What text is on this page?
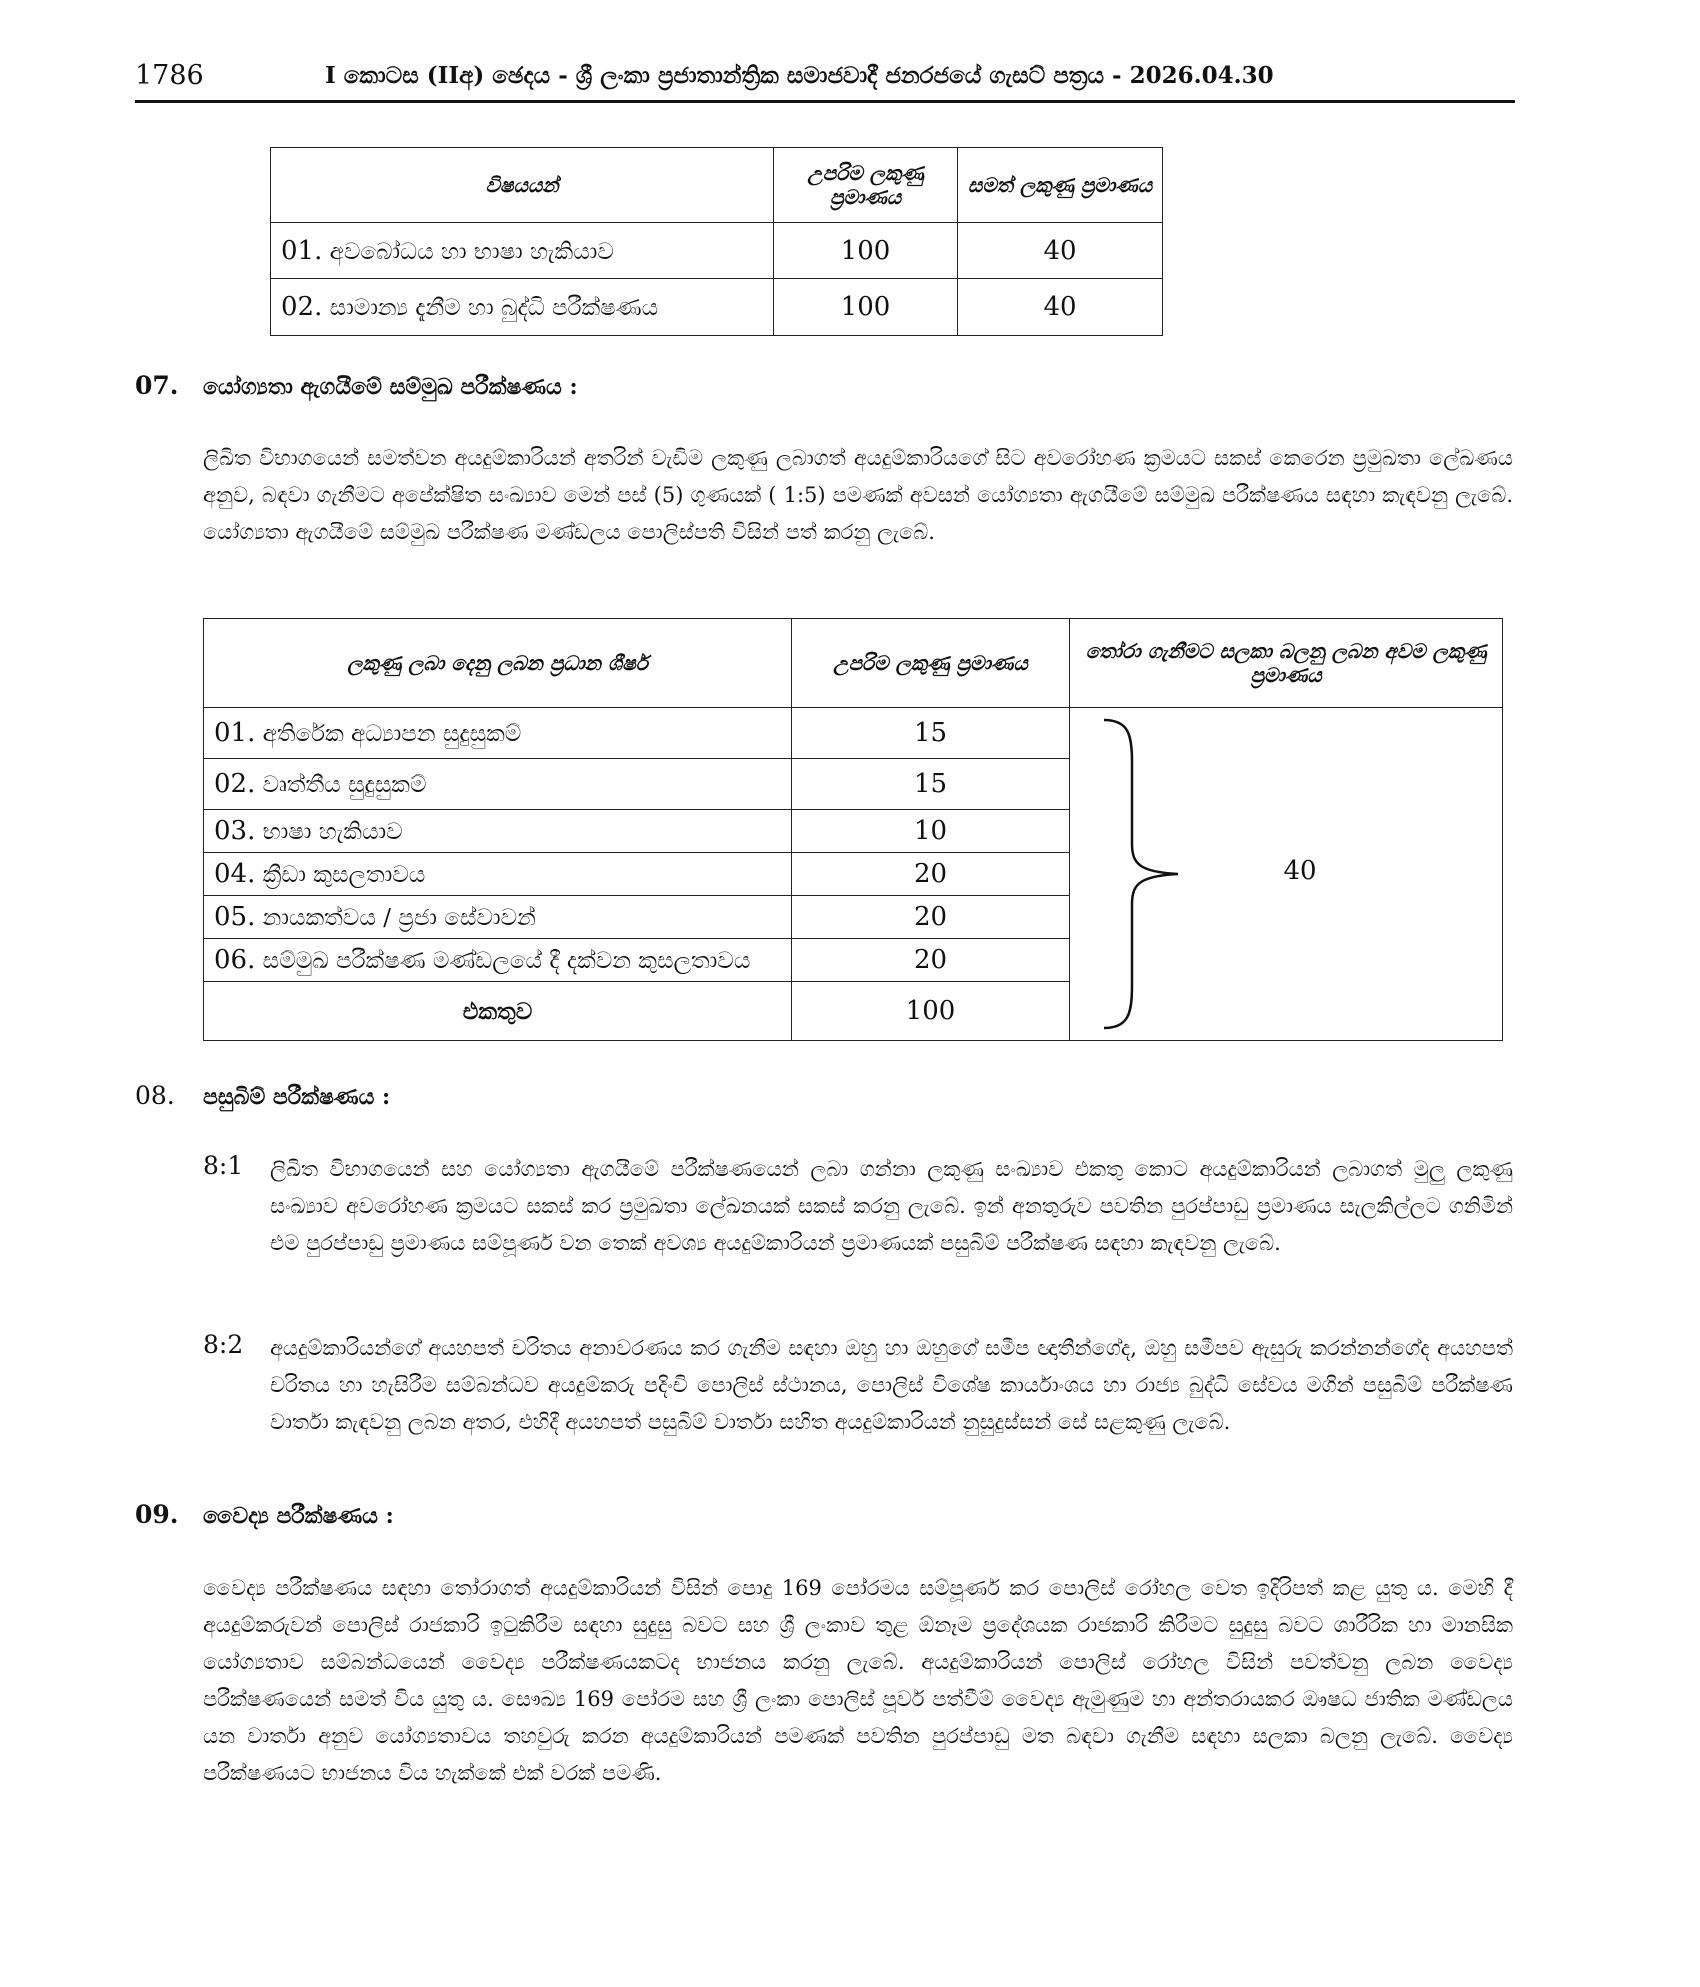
1786	I කොටස (IIඅ) ඡෙදය - ශ්‍රී ලංකා ප්‍රජාතාන්ත්‍රික සමාජවාදී ජනරජයේ ගැසට් පත්‍රය - 2026.04.30
විෂයයන්	උපරිම ලකුණු ප්‍රමාණය	සමත් ලකුණු ප්‍රමාණය
01. අවබෝධය හා භාෂා හැකියාව	100	40
02. සාමාන්‍ය දැනීම හා බුද්ධි පරීක්ෂණය	100	40
07. යෝග්‍යතා ඇගයීමේ සම්මුඛ පරීක්ෂණය :
ලිඛිත විභාගයෙන් සමත්වන අයදුම්කාරියන් අතරින් වැඩිම ලකුණු ලබාගත් අයදුම්කාරියගේ සිට අවරෝහණ ක්‍රමයට සකස් කෙරෙන ප්‍රමුඛතා ලේඛණය අනුව, බඳවා ගැනීමට අපේක්ෂිත සංඛ්‍යාව මෙන් පස් (5) ගුණයක් ( 1:5) පමණක් අවසන් යෝග්‍යතා ඇගයීමේ සම්මුඛ පරීක්ෂණය සඳහා කැඳවනු ලැබේ. යෝග්‍යතා ඇගයීමේ සම්මුඛ පරීක්ෂණ මණ්ඩලය පොලිස්පති විසින් පත් කරනු ලැබේ.
ලකුණු ලබා දෙනු ලබන ප්‍රධාන ශීර්ෂ	උපරිම ලකුණු ප්‍රමාණය	තෝරා ගැනීමට සලකා බලනු ලබන අවම ලකුණු ප්‍රමාණය
01. අතිරේක අධ්‍යාපන සුදුසුකම්	15	40

02. වෘත්තීය සුදුසුකම්	15	
03. භාෂා හැකියාව	10	
04. ක්‍රීඩා කුසලතාවය	20	
05. නායකත්වය / ප්‍රජා සේවාවන්	20	
06. සම්මුඛ පරීක්ෂණ මණ්ඩලයේ දී දක්වන කුසලතාවය	20	
එකතුව	100	
08. පසුබිම් පරීක්ෂණය :
8:1 ලිඛිත විභාගයෙන් සහ යෝග්‍යතා ඇගයීමේ පරීක්ෂණයෙන් ලබා ගන්නා ලකුණු සංඛ්‍යාව එකතු කොට අයදුම්කාරියන් ලබාගත් මුලු ලකුණු සංඛ්‍යාව අවරෝහණ ක්‍රමයට සකස් කර ප්‍රමුඛතා ලේඛනයක් සකස් කරනු ලැබේ. ඉන් අනතුරුව පවතින පුරප්පාඩු ප්‍රමාණය සැලකිල්ලට ගනිමින් එම පුරප්පාඩු ප්‍රමාණය සම්පූර්ණ වන තෙක් අවශ්‍ය අයදුම්කාරියන් ප්‍රමාණයක් පසුබිම් පරීක්ෂණ සඳහා කැඳවනු ලැබේ.
8:2 අයදුම්කාරියන්ගේ අයහපත් චරිතය අනාවරණය කර ගැනීම සඳහා ඔහු හා ඔහුගේ සමීප ඥාතීන්ගේද, ඔහු සමීපව ඇසුරු කරන්නන්ගේද අයහපත් චරිතය හා හැසිරීම සම්බන්ධව අයදුම්කරු පදිංචි පොලිස් ස්ථානය, පොලිස් විශේෂ කාර්යාංශය හා රාජ්‍ය බුද්ධි සේවය මගින් පසුබිම් පරීක්ෂණ වාර්තා කැඳවනු ලබන අතර, එහිදී අයහපත් පසුබිම් වාර්තා සහිත අයදුම්කාරියන් නුසුදුස්සන් සේ සළකුණු ලැබේ.
09. වෛද්‍ය පරීක්ෂණය :
වෛද්‍ය පරීක්ෂණය සඳහා තෝරාගත් අයදුම්කාරියන් විසින් පොදු 169 පෝරමය සම්පූර්ණ කර පොලිස් රෝහල වෙත ඉදිරිපත් කළ යුතු ය. මෙහි දී අයදුම්කරුවන් පොලිස් රාජකාරි ඉටුකිරීම සඳහා සුදුසු බවට සහ ශ්‍රී ලංකාව තුළ ඕනෑම ප්‍රදේශයක රාජකාරි කිරීමට සුදුසු බවට ශාරීරික හා මානසික යෝග්‍යතාව සම්බන්ධයෙන් වෛද්‍ය පරීක්ෂණයකටද භාජනය කරනු ලැබේ. අයදුම්කාරියන් පොලිස් රෝහල විසින් පවත්වනු ලබන වෛද්‍ය පරීක්ෂණයෙන් සමත් විය යුතු ය. සෞඛ්‍ය 169 පෝරම සහ ශ්‍රී ලංකා පොලිස් පූර්ව පත්වීම් වෛද්‍ය ඇමුණුම හා අන්තරායකර ඖෂධ ජාතික මණ්ඩලය යන වාර්තා අනුව යෝග්‍යතාවය තහවුරු කරන අයදුම්කාරියන් පමණක් පවතින පුරප්පාඩු මත බඳවා ගැනීම සඳහා සලකා බලනු ලැබේ. වෛද්‍ය පරීක්ෂණයට භාජනය විය හැක්කේ එක් වරක් පමණි.
